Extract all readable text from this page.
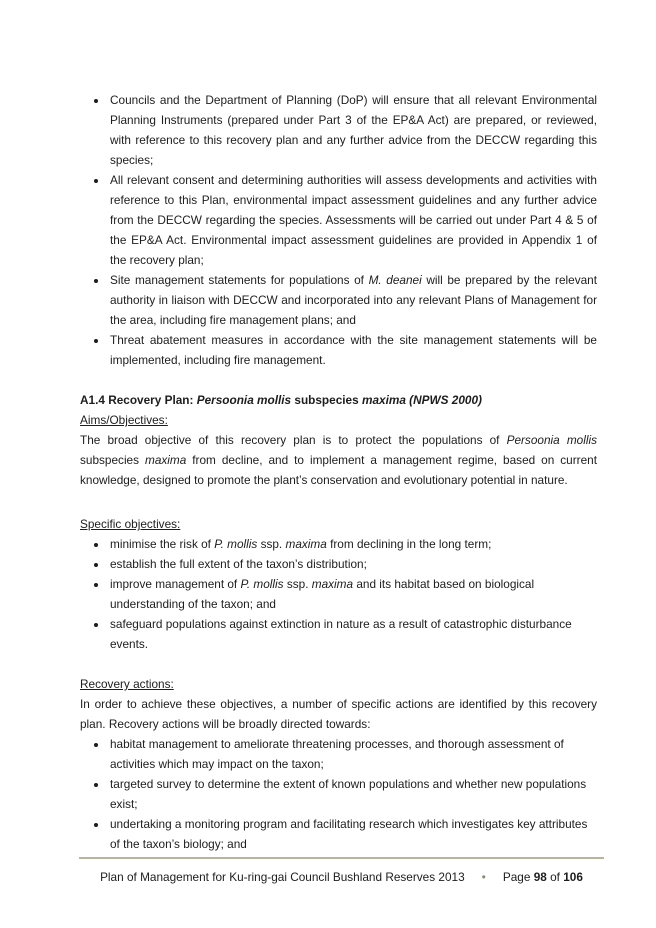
• Councils and the Department of Planning (DoP) will ensure that all relevant Environmental Planning Instruments (prepared under Part 3 of the EP&A Act) are prepared, or reviewed, with reference to this recovery plan and any further advice from the DECCW regarding this species;
• All relevant consent and determining authorities will assess developments and activities with reference to this Plan, environmental impact assessment guidelines and any further advice from the DECCW regarding the species. Assessments will be carried out under Part 4 & 5 of the EP&A Act. Environmental impact assessment guidelines are provided in Appendix 1 of the recovery plan;
• Site management statements for populations of M. deanei will be prepared by the relevant authority in liaison with DECCW and incorporated into any relevant Plans of Management for the area, including fire management plans; and
• Threat abatement measures in accordance with the site management statements will be implemented, including fire management.
A1.4 Recovery Plan: Persoonia mollis subspecies maxima (NPWS 2000)
Aims/Objectives:

The broad objective of this recovery plan is to protect the populations of Persoonia mollis subspecies maxima from decline, and to implement a management regime, based on current knowledge, designed to promote the plant’s conservation and evolutionary potential in nature.

Specific objectives:
• minimise the risk of P. mollis ssp. maxima from declining in the long term;
• establish the full extent of the taxon’s distribution;
• improve management of P. mollis ssp. maxima and its habitat based on biological understanding of the taxon; and
• safeguard populations against extinction in nature as a result of catastrophic disturbance events.
Recovery actions:

In order to achieve these objectives, a number of specific actions are identified by this recovery plan. Recovery actions will be broadly directed towards:

• habitat management to ameliorate threatening processes, and thorough assessment of activities which may impact on the taxon;
• targeted survey to determine the extent of known populations and whether new populations exist;
• undertaking a monitoring program and facilitating research which investigates key attributes of the taxon’s biology; and
Plan of Management for Ku-ring-gai Council Bushland Reserves 2013 • Page 98 of 106
